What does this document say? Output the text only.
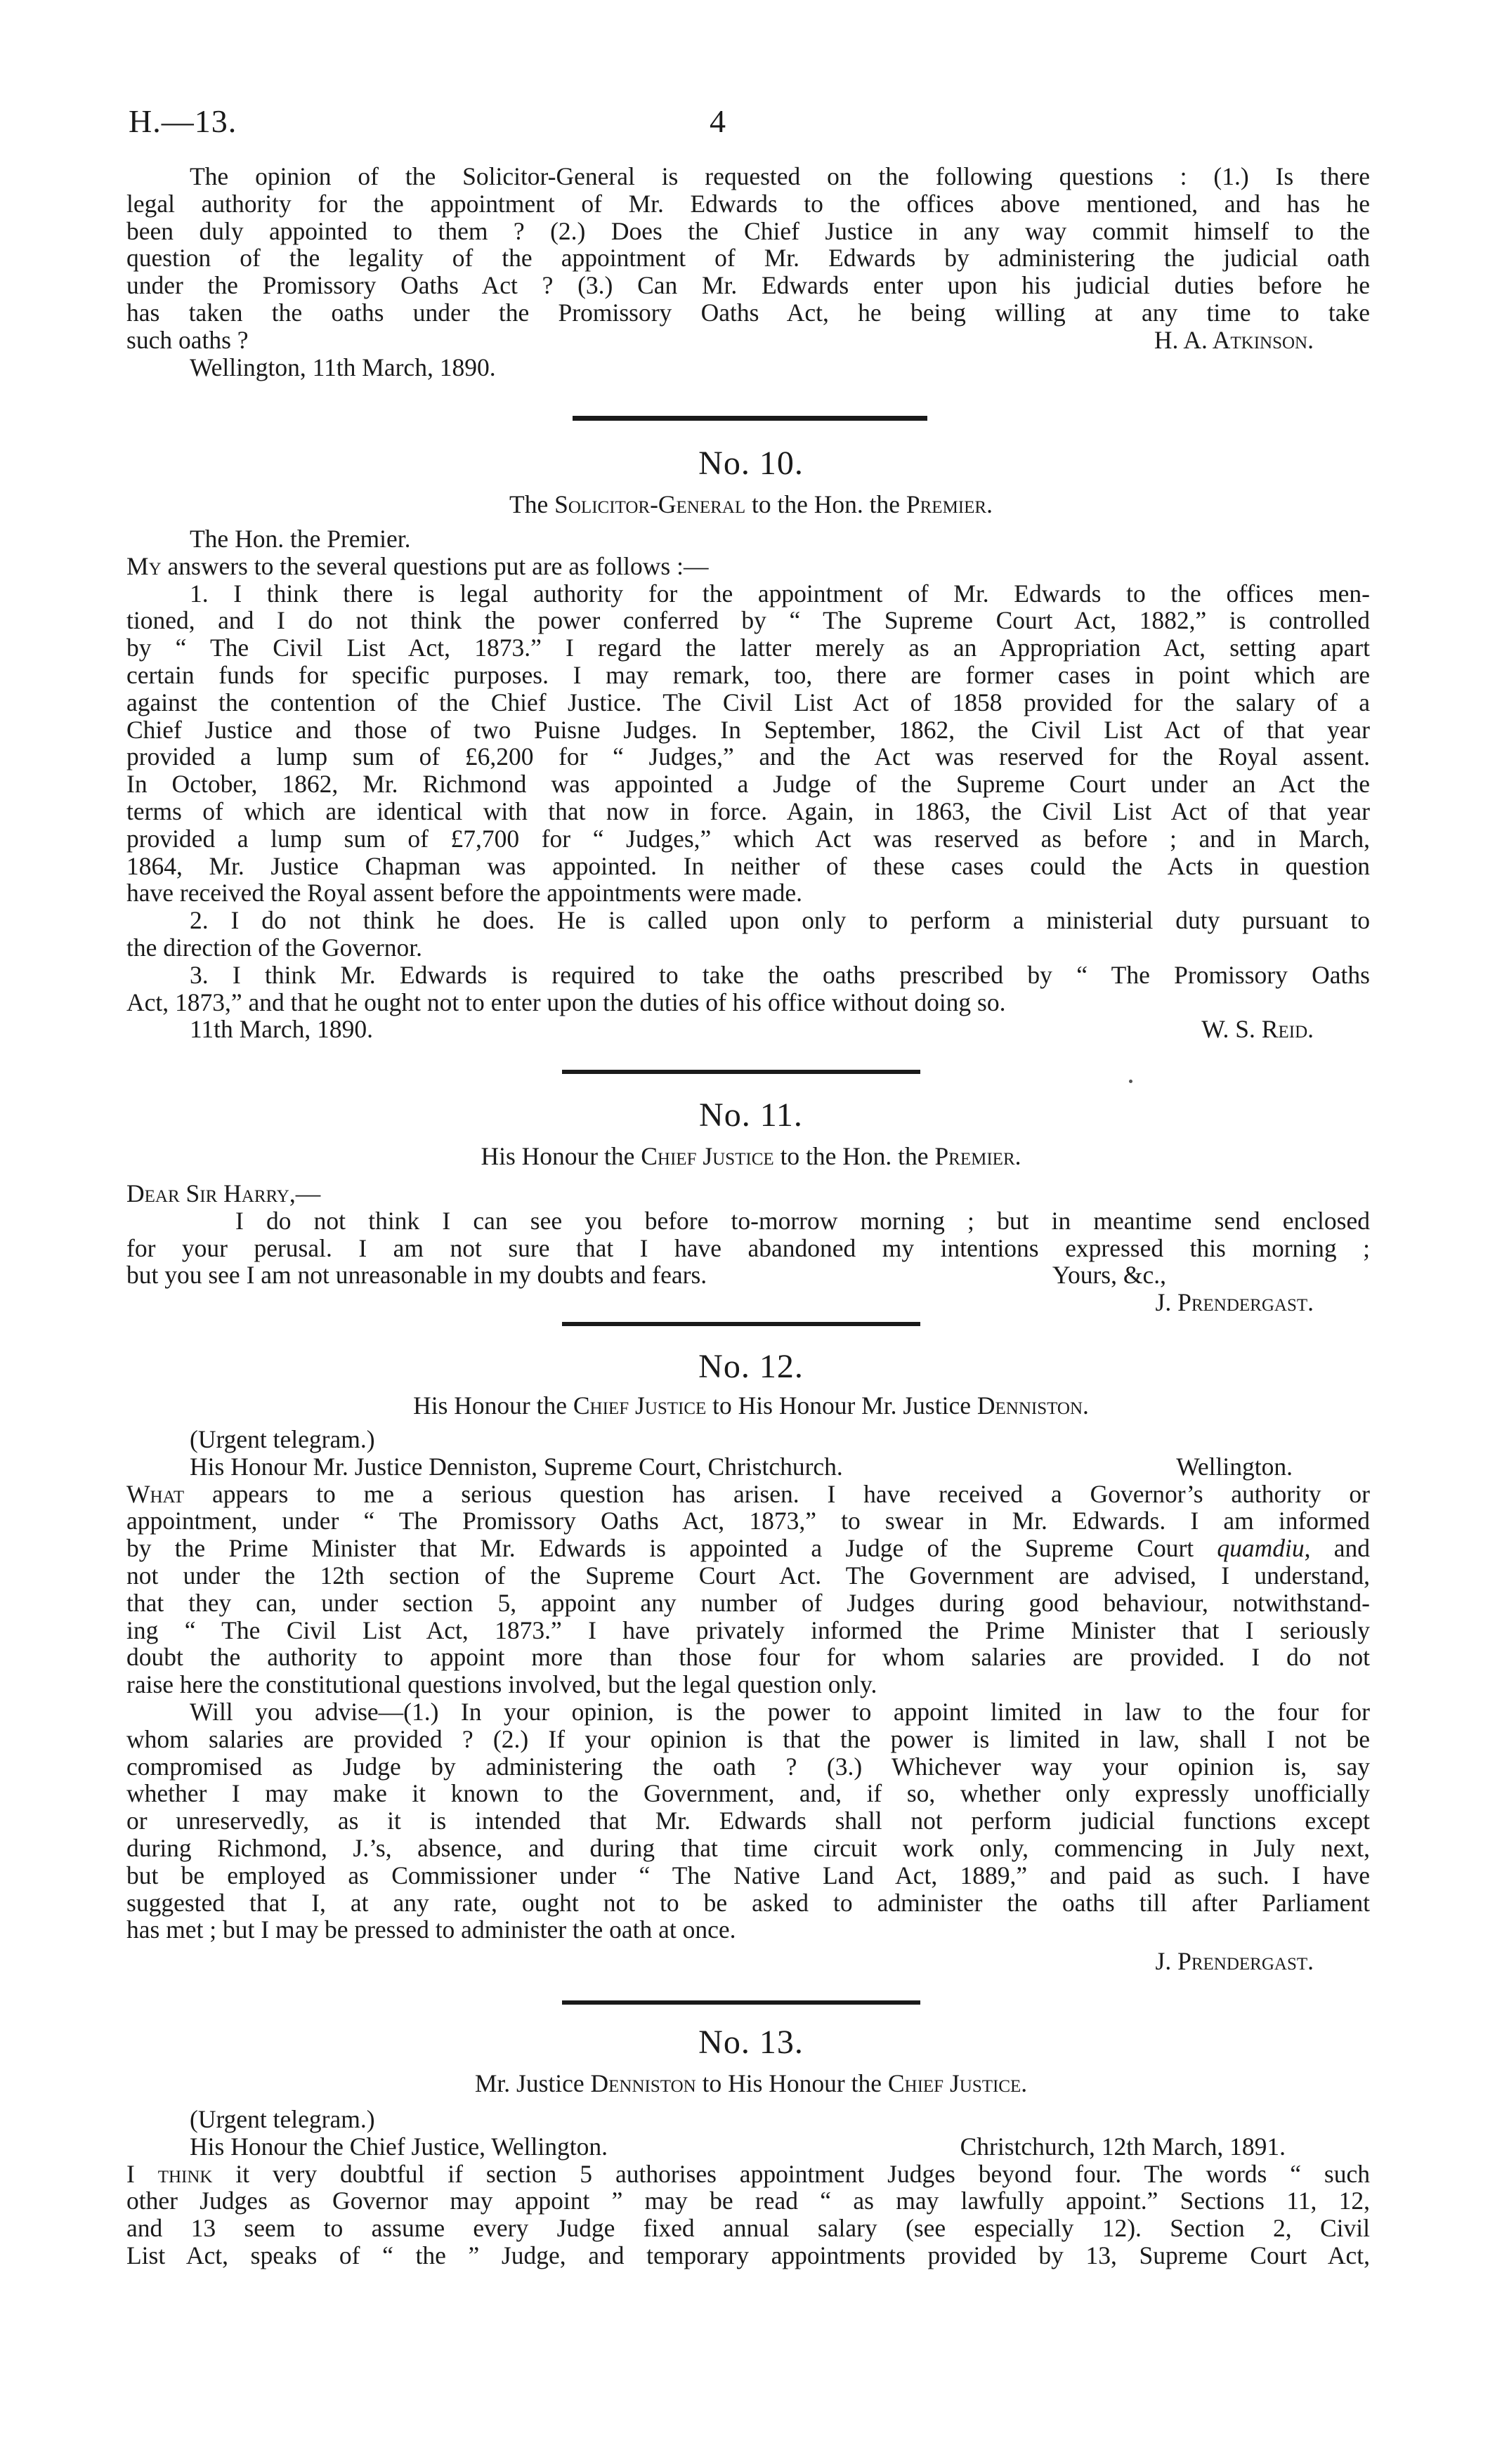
H.—13.	4

The opinion of the Solicitor-General is requested on the following questions : (1.) Is there

legal authority for the appointment of Mr. Edwards to the offices above mentioned, and has he

been duly appointed to them ? (2.) Does the Chief Justice in any way commit himself to the

question of the legality of the appointment of Mr. Edwards by administering the judicial oath

under the Promissory Oaths Act ? (3.) Can Mr. Edwards enter upon his judicial duties before he

has taken the oaths under the Promissory Oaths Act, he being willing at any time to take

such oaths ?	H. A. Atkinson.

Wellington, 11th March, 1890.

No. 10.
The Solicitor-General to the Hon. the Premier.

The Hon. the Premier.

My answers to the several questions put are as follows :—

1. I think there is legal authority for the appointment of Mr. Edwards to the offices men-

tioned, and I do not think the power conferred by “ The Supreme Court Act, 1882,” is controlled

by “ The Civil List Act, 1873.” I regard the latter merely as an Appropriation Act, setting apart

certain funds for specific purposes. I may remark, too, there are former cases in point which are

against the contention of the Chief Justice. The Civil List Act of 1858 provided for the salary of a

Chief Justice and those of two Puisne Judges. In September, 1862, the Civil List Act of that year

provided a lump sum of £6,200 for “ Judges,” and the Act was reserved for the Royal assent.

In October, 1862, Mr. Richmond was appointed a Judge of the Supreme Court under an Act the

terms of which are identical with that now in force. Again, in 1863, the Civil List Act of that year

provided a lump sum of £7,700 for “ Judges,” which Act was reserved as before ; and in March,

1864, Mr. Justice Chapman was appointed. In neither of these cases could the Acts in question

have received the Royal assent before the appointments were made.

2. I do not think he does. He is called upon only to perform a ministerial duty pursuant to

the direction of the Governor.

3. I think Mr. Edwards is required to take the oaths prescribed by “ The Promissory Oaths

Act, 1873,” and that he ought not to enter upon the duties of his office without doing so.

11th March, 1890.	W. S. Reid.
No. 11.
His Honour the Chief Justice to the Hon. the Premier.

Dear Sir Harry,—

I do not think I can see you before to-morrow morning ; but in meantime send enclosed

for your perusal. I am not sure that I have abandoned my intentions expressed this morning ;

but you see I am not unreasonable in my doubts and fears.	Yours, &c.,

J. Prendergast.

No. 12.
His Honour the Chief Justice to His Honour Mr. Justice Denniston.

(Urgent telegram.)

His Honour Mr. Justice Denniston, Supreme Court, Christchurch.	Wellington.

What appears to me a serious question has arisen. I have received a Governor’s authority or

appointment, under “ The Promissory Oaths Act, 1873,” to swear in Mr. Edwards. I am informed

by the Prime Minister that Mr. Edwards is appointed a Judge of the Supreme Court quamdiu, and

not under the 12th section of the Supreme Court Act. The Government are advised, I understand,

that they can, under section 5, appoint any number of Judges during good behaviour, notwithstand-

ing “ The Civil List Act, 1873.” I have privately informed the Prime Minister that I seriously

doubt the authority to appoint more than those four for whom salaries are provided. I do not

raise here the constitutional questions involved, but the legal question only.

Will you advise—(1.) In your opinion, is the power to appoint limited in law to the four for

whom salaries are provided ? (2.) If your opinion is that the power is limited in law, shall I not be

compromised as Judge by administering the oath ? (3.) Whichever way your opinion is, say

whether I may make it known to the Government, and, if so, whether only expressly unofficially

or unreservedly, as it is intended that Mr. Edwards shall not perform judicial functions except

during Richmond, J.’s, absence, and during that time circuit work only, commencing in July next,

but be employed as Commissioner under “ The Native Land Act, 1889,” and paid as such. I have

suggested that I, at any rate, ought not to be asked to administer the oaths till after Parliament

has met ; but I may be pressed to administer the oath at once.

J. Prendergast.

No. 13.
Mr. Justice Denniston to His Honour the Chief Justice.

(Urgent telegram.)

His Honour the Chief Justice, Wellington.	Christchurch, 12th March, 1891.

I think it very doubtful if section 5 authorises appointment Judges beyond four. The words “ such

other Judges as Governor may appoint ” may be read “ as may lawfully appoint.” Sections 11, 12,

and 13 seem to assume every Judge fixed annual salary (see especially 12). Section 2, Civil

List Act, speaks of “ the ” Judge, and temporary appointments provided by 13, Supreme Court Act,
